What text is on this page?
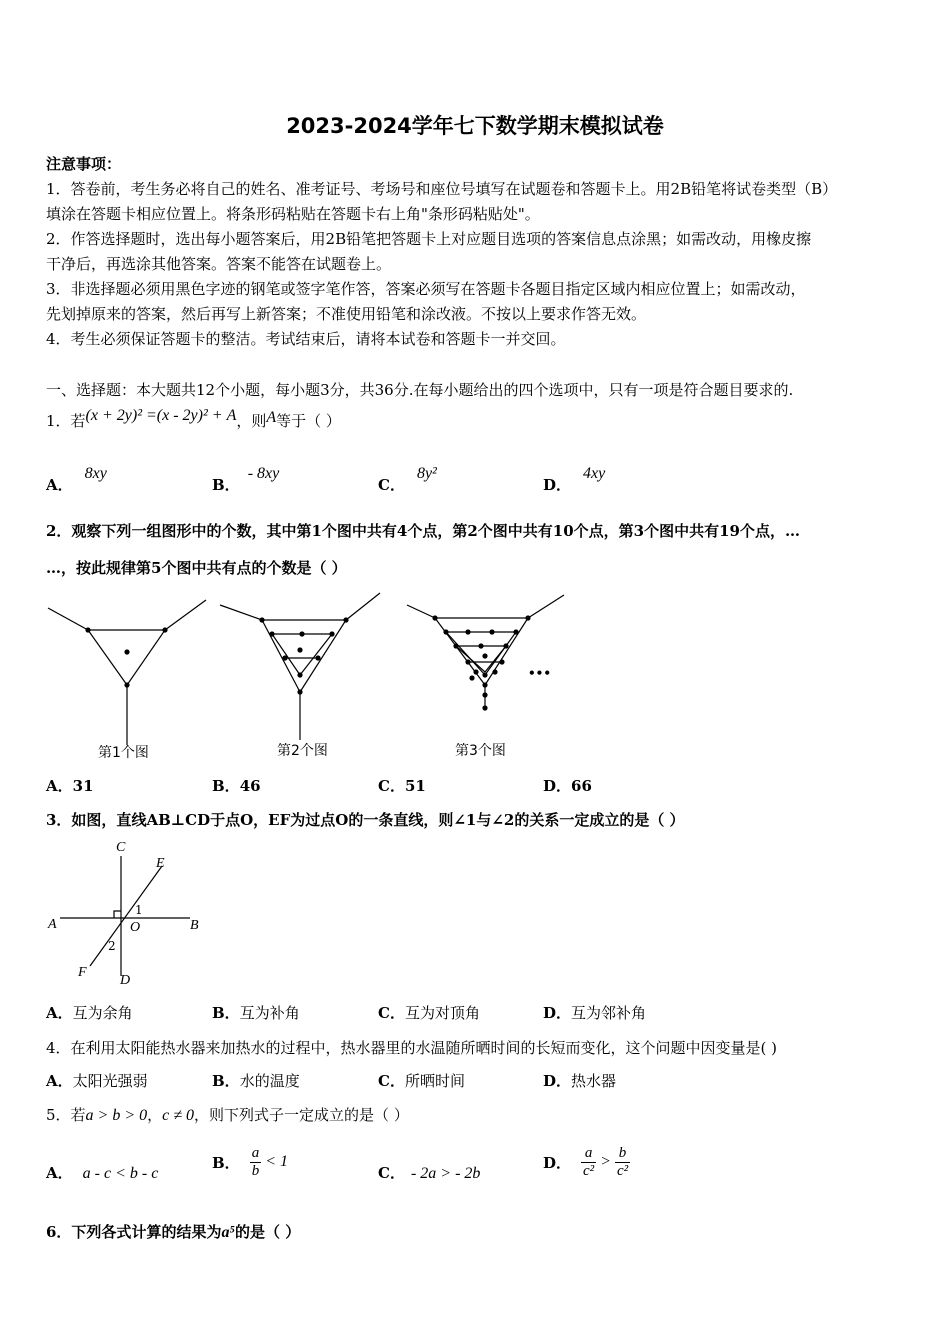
2023-2024学年七下数学期末模拟试卷
注意事项：
1．答卷前，考生务必将自己的姓名、准考证号、考场号和座位号填写在试题卷和答题卡上。用2B铅笔将试卷类型（B）
填涂在答题卡相应位置上。将条形码粘贴在答题卡右上角"条形码粘贴处"。
2．作答选择题时，选出每小题答案后，用2B铅笔把答题卡上对应题目选项的答案信息点涂黑；如需改动，用橡皮擦
干净后，再选涂其他答案。答案不能答在试题卷上。
3．非选择题必须用黑色字迹的钢笔或签字笔作答，答案必须写在答题卡各题目指定区域内相应位置上；如需改动，
先划掉原来的答案，然后再写上新答案；不准使用铅笔和涂改液。不按以上要求作答无效。
4．考生必须保证答题卡的整洁。考试结束后，请将本试卷和答题卡一并交回。
一、选择题：本大题共12个小题，每小题3分，共36分.在每小题给出的四个选项中，只有一项是符合题目要求的.
1．若(x + 2y)² =(x - 2y)² + A，则A等于（ ）
A．8xy
B．- 8xy
C．8y²
D．4xy
2．观察下列一组图形中的个数，其中第1个图中共有4个点，第2个图中共有10个点，第3个图中共有19个点，…
…，按此规律第5个图中共有点的个数是（ ）
•••
第1个图	第2个图	第3个图
A．31	B．46	C．51	D．66
3．如图，直线AB⊥CD于点O，EF为过点O的一条直线，则∠1与∠2的关系一定成立的是（ ）
C
E
A
1
O	B
2
F
D
A．互为余角	B．互为补角	C．互为对顶角	D．互为邻补角
4．在利用太阳能热水器来加热水的过程中，热水器里的水温随所晒时间的长短而变化，这个问题中因变量是( )
A．太阳光强弱	B．水的温度	C．所晒时间	D．热水器
5．若a > b > 0，c ≠ 0，则下列式子一定成立的是（ ）
A． a - c < b - c
B． $\frac{a}{b} < 1$
C． - 2a > - 2b
D． $\frac{a}{\text{c²}} > \frac{b}{\text{c²}}$
6．下列各式计算的结果为a⁵的是（ ）
